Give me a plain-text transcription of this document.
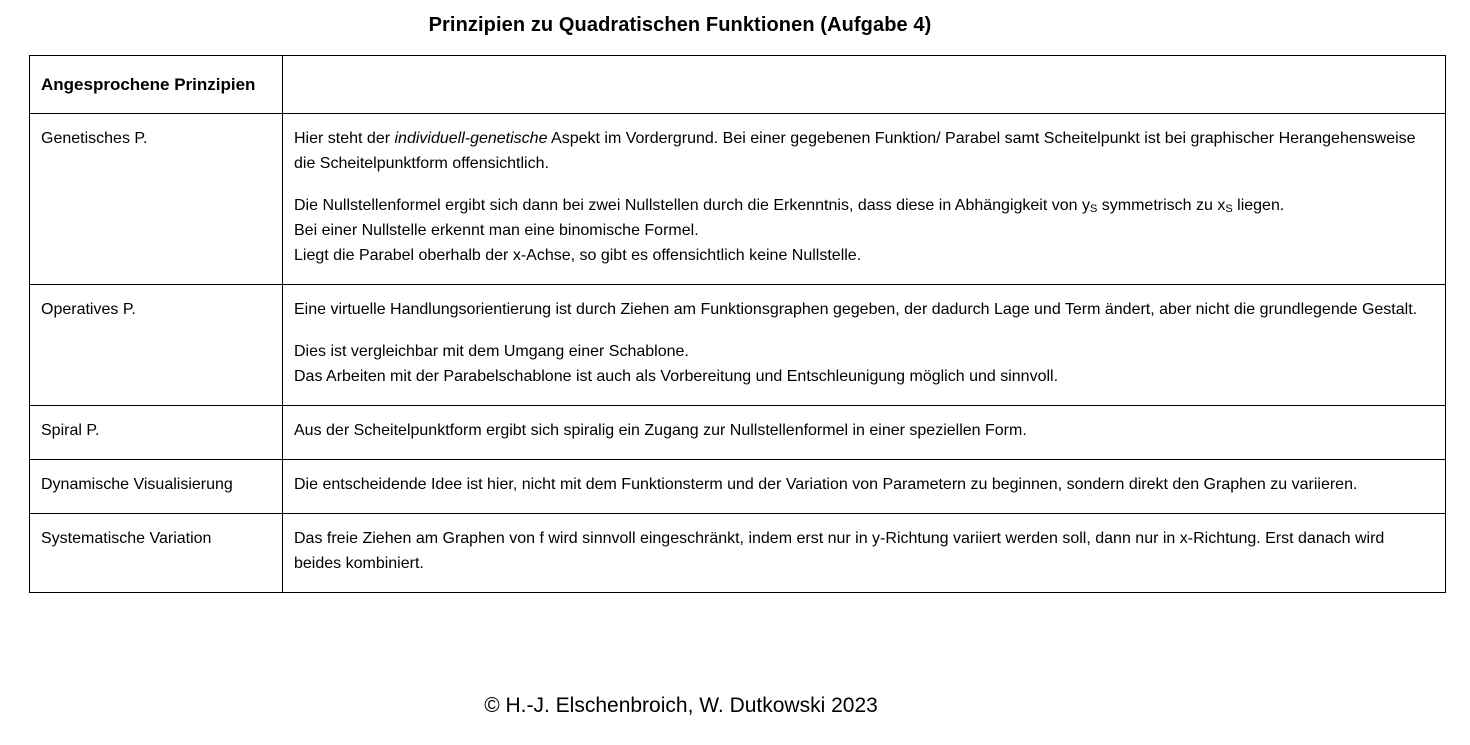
Prinzipien zu Quadratischen Funktionen (Aufgabe 4)
Angesprochene Prinzipien	
Genetisches P.	Hier steht der individuell-genetische Aspekt im Vordergrund. Bei einer gegebenen Funktion/ Parabel samt Scheitelpunkt ist bei graphischer Herangehensweise die Scheitelpunktform offensichtlich.

Die Nullstellenformel ergibt sich dann bei zwei Nullstellen durch die Erkenntnis, dass diese in Abhängigkeit von $y_S$ symmetrisch zu $x_S$ liegen.
Bei einer Nullstelle erkennt man eine binomische Formel.
Liegt die Parabel oberhalb der x-Achse, so gibt es offensichtlich keine Nullstelle.

Operatives P.	Eine virtuelle Handlungsorientierung ist durch Ziehen am Funktionsgraphen gegeben, der dadurch Lage und Term ändert, aber nicht die grundlegende Gestalt.

Dies ist vergleichbar mit dem Umgang einer Schablone.
Das Arbeiten mit der Parabelschablone ist auch als Vorbereitung und Entschleunigung möglich und sinnvoll.

Spiral P.	Aus der Scheitelpunktform ergibt sich spiralig ein Zugang zur Nullstellenformel in einer speziellen Form.

Dynamische Visualisierung	Die entscheidende Idee ist hier, nicht mit dem Funktionsterm und der Variation von Parametern zu beginnen, sondern direkt den Graphen zu variieren.

Systematische Variation	Das freie Ziehen am Graphen von f wird sinnvoll eingeschränkt, indem erst nur in y-Richtung variiert werden soll, dann nur in x-Richtung. Erst danach wird beides kombiniert.

© H.-J. Elschenbroich, W. Dutkowski 2023
